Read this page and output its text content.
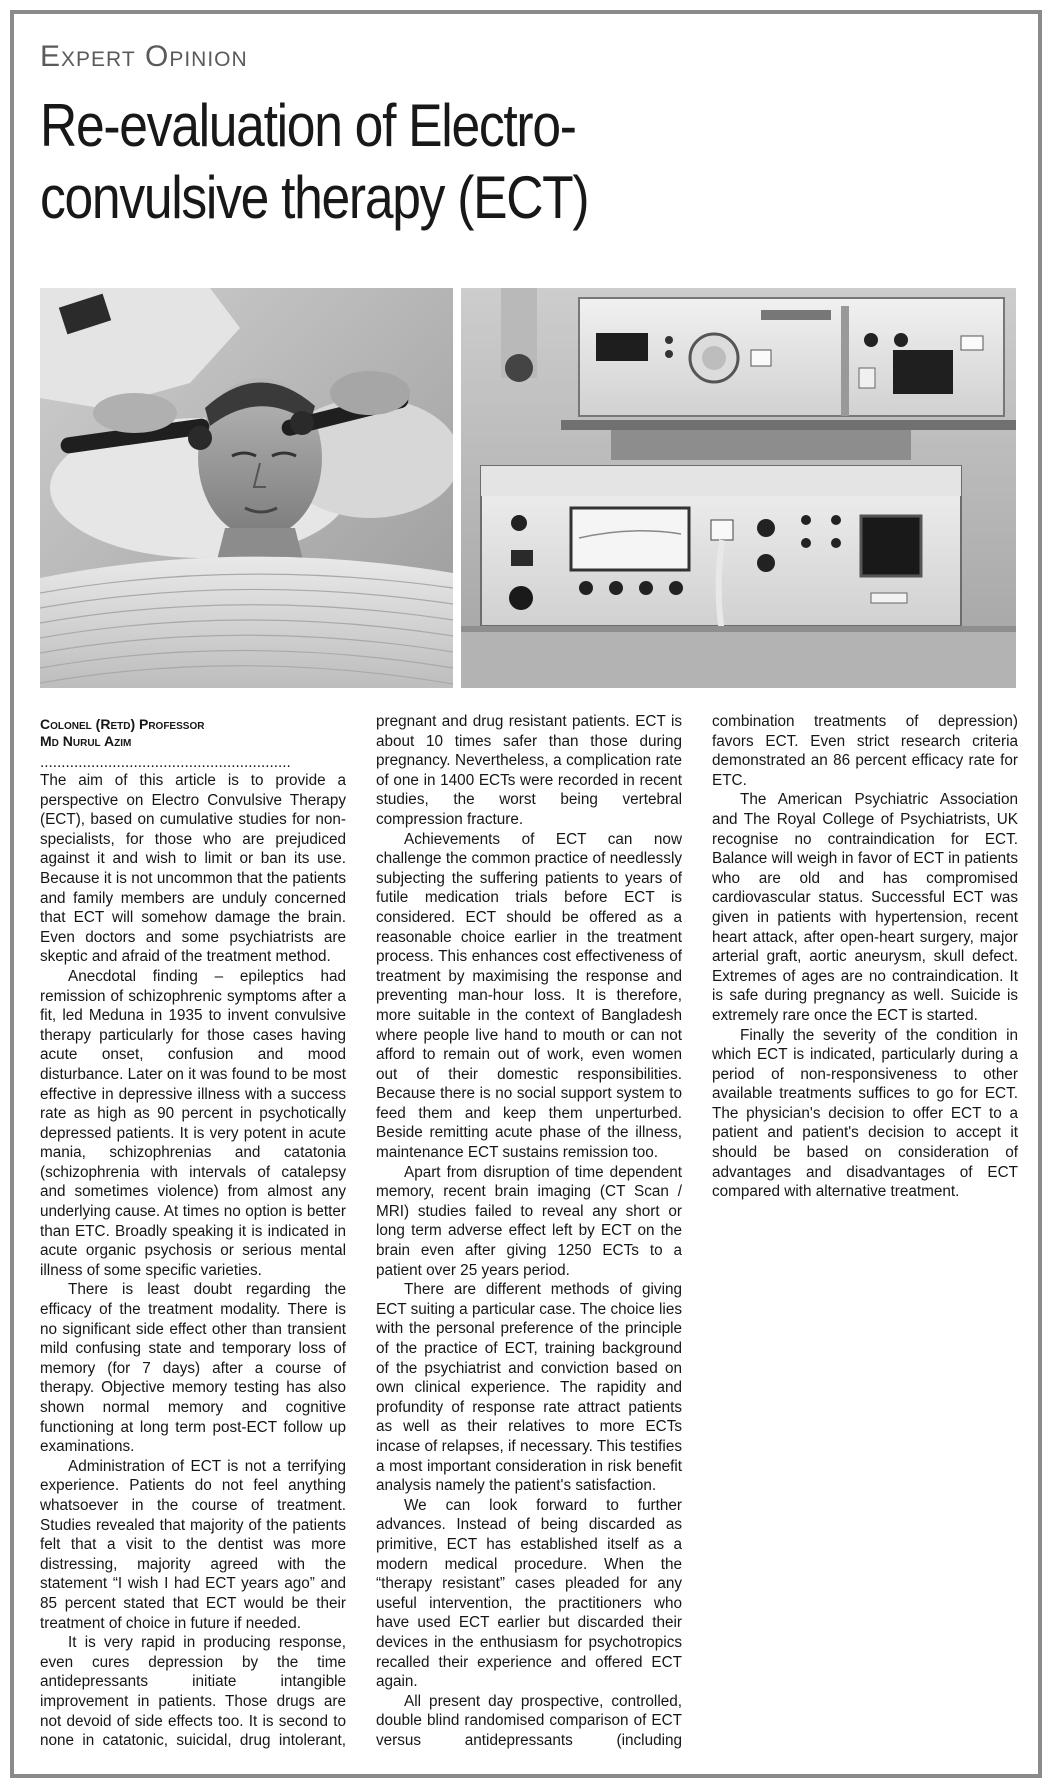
Expert Opinion
Re-evaluation of Electro-
convulsive therapy (ECT)
Colonel (Retd) Professor
Md Nurul Azim

...........................................................

The aim of this article is to provide a perspective on Electro Convulsive Therapy (ECT), based on cumulative studies for non-specialists, for those who are prejudiced against it and wish to limit or ban its use. Because it is not uncommon that the patients and family members are unduly concerned that ECT will somehow damage the brain. Even doctors and some psychiatrists are skeptic and afraid of the treatment method.

Anecdotal finding – epileptics had remission of schizophrenic symptoms after a fit, led Meduna in 1935 to invent convulsive therapy particularly for those cases having acute onset, confusion and mood disturbance. Later on it was found to be most effective in depressive illness with a success rate as high as 90 percent in psychotically depressed patients. It is very potent in acute mania, schizophrenias and catatonia (schizophrenia with intervals of catalepsy and sometimes violence) from almost any underlying cause. At times no option is better than ETC. Broadly speaking it is indicated in acute organic psychosis or serious mental illness of some specific varieties.

There is least doubt regarding the efficacy of the treatment modality. There is no significant side effect other than transient mild confusing state and temporary loss of memory (for 7 days) after a course of therapy. Objective memory testing has also shown normal memory and cognitive functioning at long term post-ECT follow up examinations.

Administration of ECT is not a terrifying experience. Patients do not feel anything whatsoever in the course of treatment. Studies revealed that majority of the patients felt that a visit to the dentist was more distressing, majority agreed with the statement “I wish I had ECT years ago” and 85 percent stated that ECT would be their treatment of choice in future if needed.

It is very rapid in producing response, even cures depression by the time antidepressants initiate intangible improvement in patients. Those drugs are not devoid of side effects too. It is second to none in catatonic, suicidal, drug intolerant, pregnant and drug resistant patients. ECT is about 10 times safer than those during pregnancy. Nevertheless, a complication rate of one in 1400 ECTs were recorded in recent studies, the worst being vertebral compression fracture.

Achievements of ECT can now challenge the common practice of needlessly subjecting the suffering patients to years of futile medication trials before ECT is considered. ECT should be offered as a reasonable choice earlier in the treatment process. This enhances cost effectiveness of treatment by maximising the response and preventing man-hour loss. It is therefore, more suitable in the context of Bangladesh where people live hand to mouth or can not afford to remain out of work, even women out of their domestic responsibilities. Because there is no social support system to feed them and keep them unperturbed. Beside remitting acute phase of the illness, maintenance ECT sustains remission too.

Apart from disruption of time dependent memory, recent brain imaging (CT Scan / MRI) studies failed to reveal any short or long term adverse effect left by ECT on the brain even after giving 1250 ECTs to a patient over 25 years period.

There are different methods of giving ECT suiting a particular case. The choice lies with the personal preference of the principle of the practice of ECT, training background of the psychiatrist and conviction based on own clinical experience. The rapidity and profundity of response rate attract patients as well as their relatives to more ECTs incase of relapses, if necessary. This testifies a most important consideration in risk benefit analysis namely the patient's satisfaction.

We can look forward to further advances. Instead of being discarded as primitive, ECT has established itself as a modern medical procedure. When the “therapy resistant” cases pleaded for any useful intervention, the practitioners who have used ECT earlier but discarded their devices in the enthusiasm for psychotropics recalled their experience and offered ECT again.

All present day prospective, controlled, double blind randomised comparison of ECT versus antidepressants (including combination treatments of depression) favors ECT. Even strict research criteria demonstrated an 86 percent efficacy rate for ETC.

The American Psychiatric Association and The Royal College of Psychiatrists, UK recognise no contraindication for ECT. Balance will weigh in favor of ECT in patients who are old and has compromised cardiovascular status. Successful ECT was given in patients with hypertension, recent heart attack, after open-heart surgery, major arterial graft, aortic aneurysm, skull defect. Extremes of ages are no contraindication. It is safe during pregnancy as well. Suicide is extremely rare once the ECT is started.

Finally the severity of the condition in which ECT is indicated, particularly during a period of non-responsiveness to other available treatments suffices to go for ECT. The physician's decision to offer ECT to a patient and patient's decision to accept it should be based on consideration of advantages and disadvantages of ECT compared with alternative treatment.
